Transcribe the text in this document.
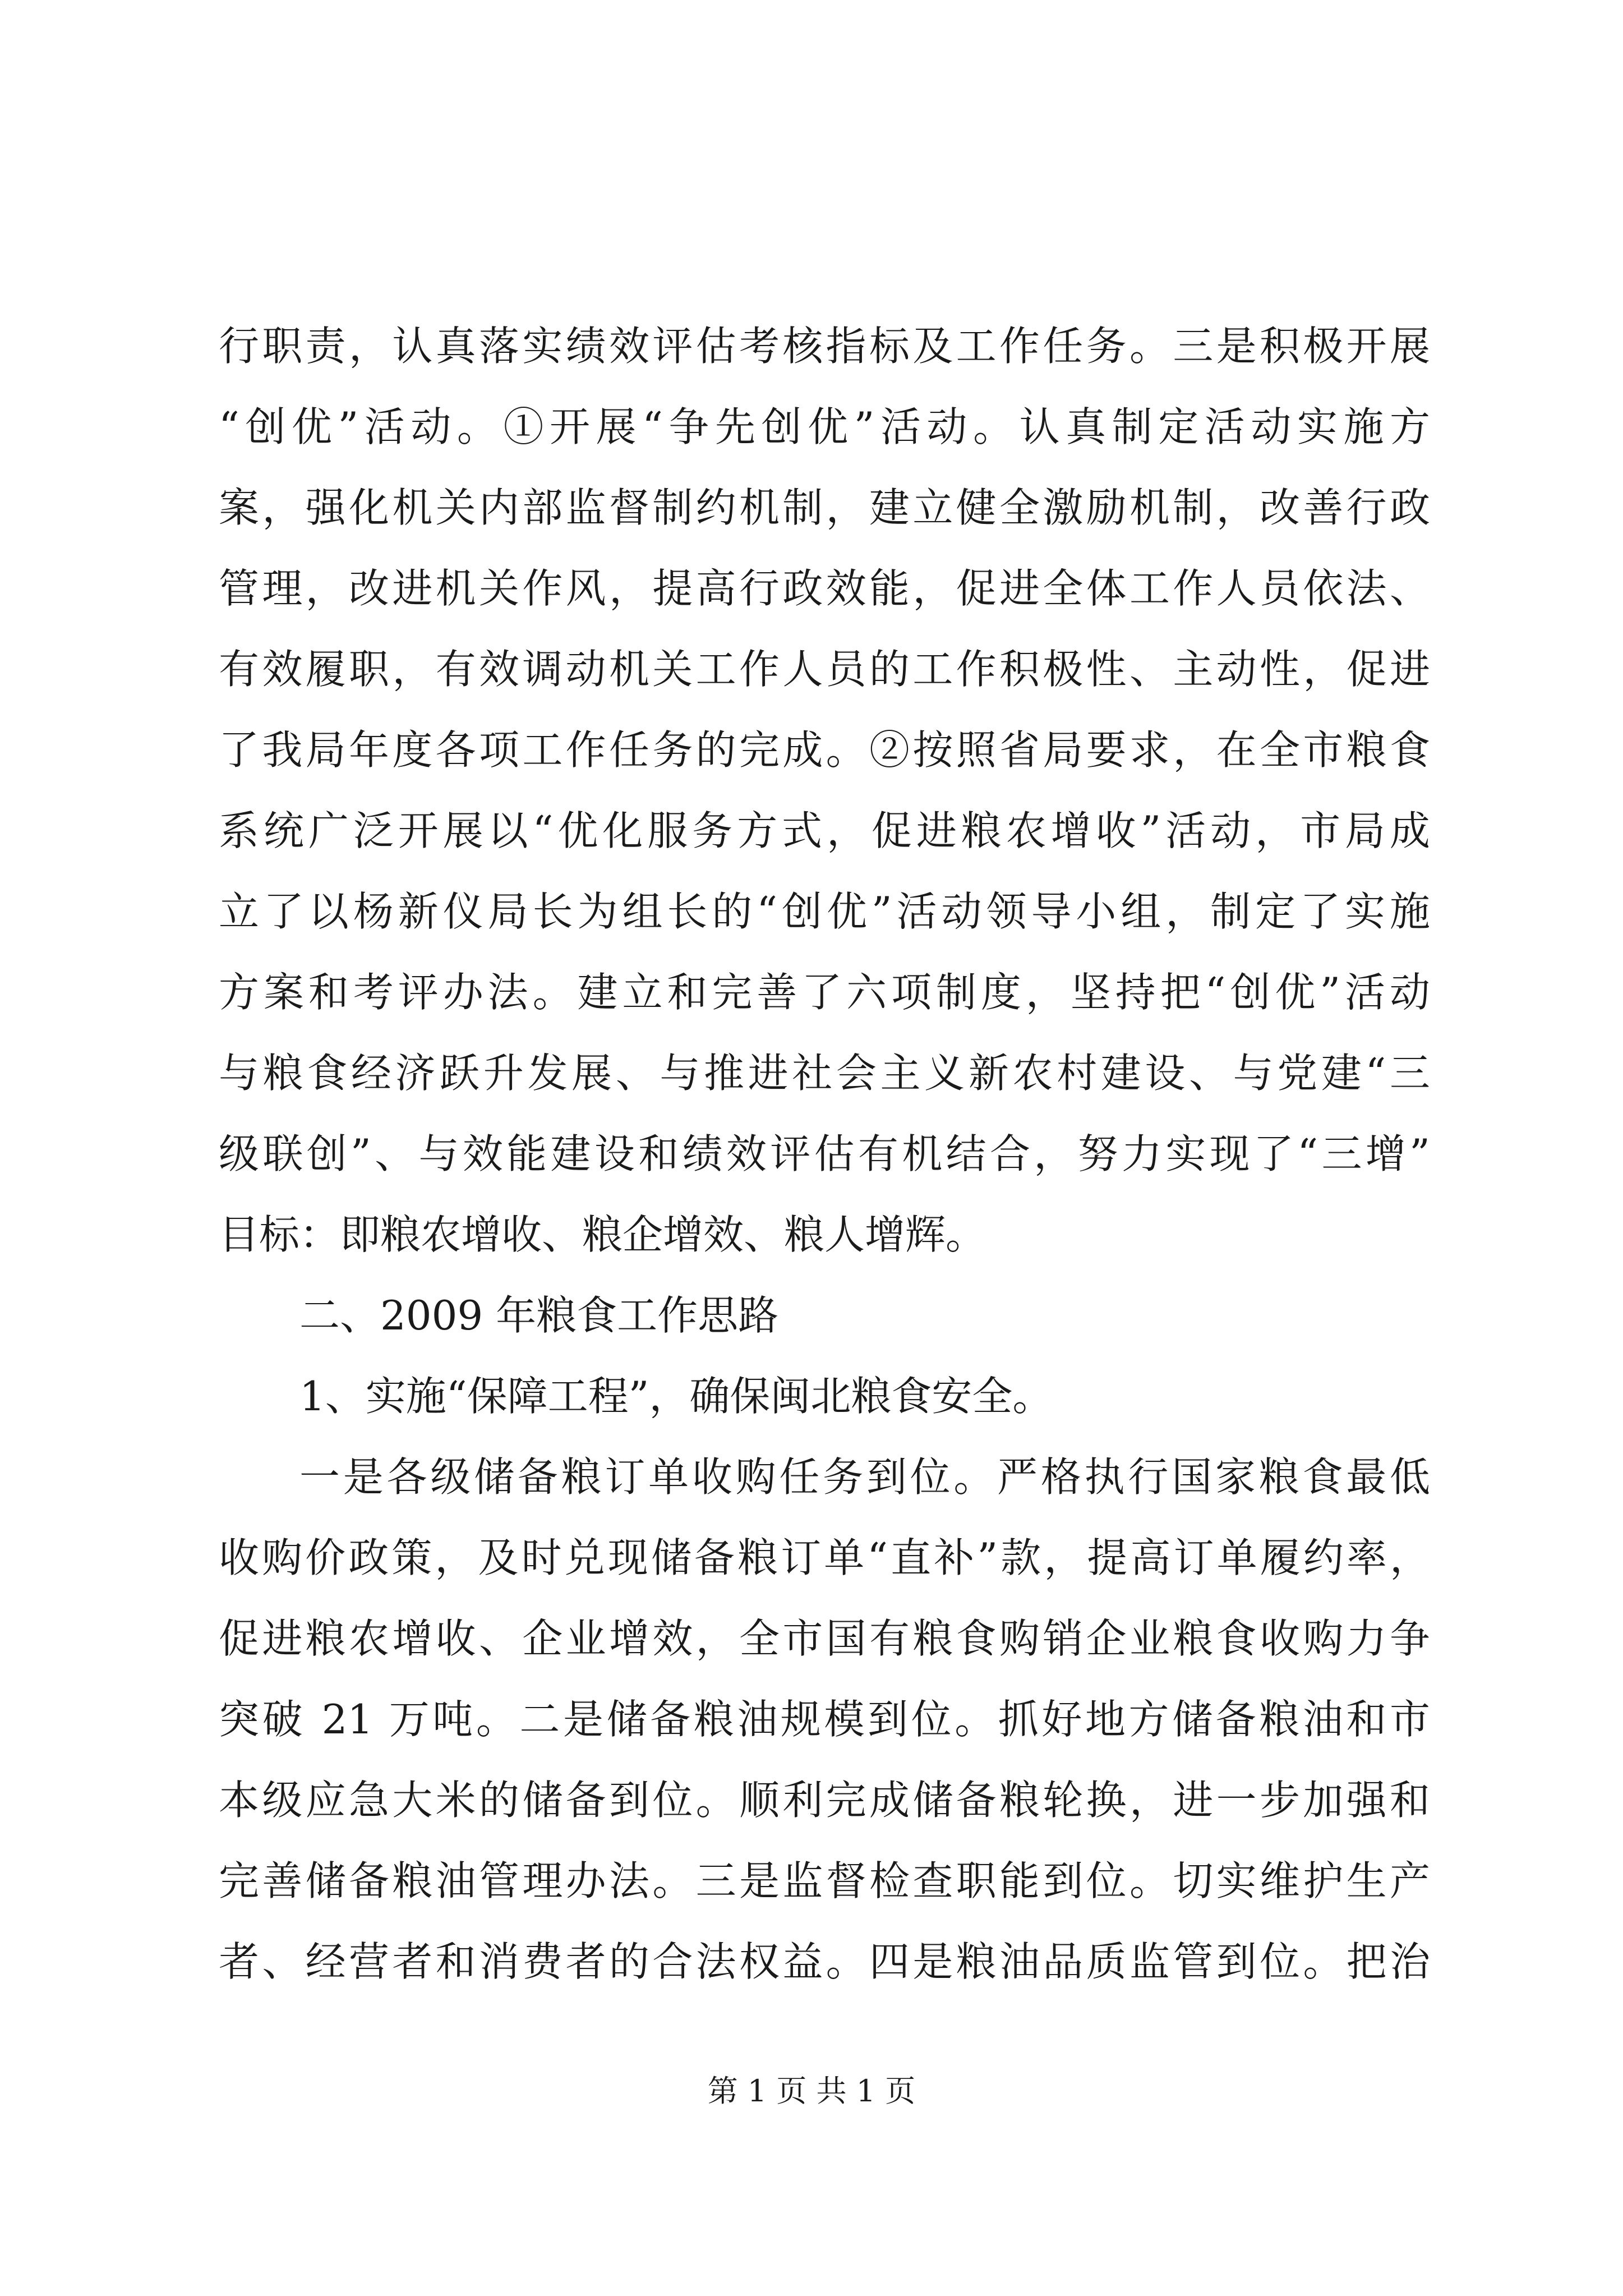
行职责，认真落实绩效评估考核指标及工作任务。三是积极开展
“创优”活动。①开展“争先创优”活动。认真制定活动实施方
案，强化机关内部监督制约机制，建立健全激励机制，改善行政
管理，改进机关作风，提高行政效能，促进全体工作人员依法、
有效履职，有效调动机关工作人员的工作积极性、主动性，促进
了我局年度各项工作任务的完成。②按照省局要求，在全市粮食
系统广泛开展以“优化服务方式，促进粮农增收”活动，市局成
立了以杨新仪局长为组长的“创优”活动领导小组，制定了实施
方案和考评办法。建立和完善了六项制度，坚持把“创优”活动
与粮食经济跃升发展、与推进社会主义新农村建设、与党建“三
级联创”、与效能建设和绩效评估有机结合，努力实现了“三增”
目标：即粮农增收、粮企增效、粮人增辉。
二、2009 年粮食工作思路
1、实施“保障工程”，确保闽北粮食安全。
一是各级储备粮订单收购任务到位。严格执行国家粮食最低
收购价政策，及时兑现储备粮订单“直补”款，提高订单履约率，
促进粮农增收、企业增效，全市国有粮食购销企业粮食收购力争
突破 21 万吨。二是储备粮油规模到位。抓好地方储备粮油和市
本级应急大米的储备到位。顺利完成储备粮轮换，进一步加强和
完善储备粮油管理办法。三是监督检查职能到位。切实维护生产
者、经营者和消费者的合法权益。四是粮油品质监管到位。把治
第 1 页 共 1 页
